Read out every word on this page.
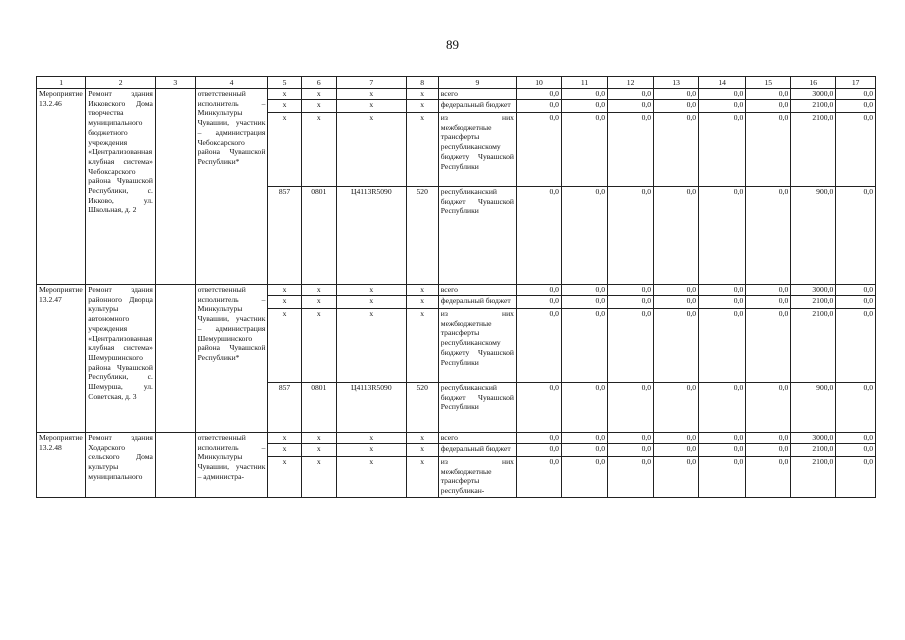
89
1	2	3	4	5	6	7	8	9	10	11	12	13	14	15	16	17
Мероприятие 13.2.46	Ремонт здания Икковского Дома творчества муниципального бюджетного учреждения «Централизованная клубная система» Чебоксарского района Чувашской Республики, с. Икково, ул. Школьная, д. 2		ответственный исполнитель – Минкультуры Чувашии, участник – администрация Чебоксарского района Чувашской Республики*	x	x	x	x	всего	0,0	0,0	0,0	0,0	0,0	0,0	3000,0	0,0
				x	x	x	x	федеральный бюджет	0,0	0,0	0,0	0,0	0,0	0,0	2100,0	0,0
				x	x	x	x	из них межбюджетные трансферты республиканскому бюджету Чувашской Республики	0,0	0,0	0,0	0,0	0,0	0,0	2100,0	0,0
				857	0801	Ц4113R5090	520	республиканский бюджет Чувашской Республики	0,0	0,0	0,0	0,0	0,0	0,0	900,0	0,0
Мероприятие 13.2.47	Ремонт здания районного Дворца культуры автономного учреждения «Централизованная клубная система» Шемуршинского района Чувашской Республики, с. Шемурша, ул. Советская, д. 3		ответственный исполнитель – Минкультуры Чувашии, участник – администрация Шемуршинского района Чувашской Республики*	x	x	x	x	всего	0,0	0,0	0,0	0,0	0,0	0,0	3000,0	0,0
				x	x	x	x	федеральный бюджет	0,0	0,0	0,0	0,0	0,0	0,0	2100,0	0,0
				x	x	x	x	из них межбюджетные трансферты республиканскому бюджету Чувашской Республики	0,0	0,0	0,0	0,0	0,0	0,0	2100,0	0,0
				857	0801	Ц4113R5090	520	республиканский бюджет Чувашской Республики	0,0	0,0	0,0	0,0	0,0	0,0	900,0	0,0
Мероприятие 13.2.48	Ремонт здания Ходарского сельского Дома культуры муниципального		ответственный исполнитель – Минкультуры Чувашии, участник – администра-	x	x	x	x	всего	0,0	0,0	0,0	0,0	0,0	0,0	3000,0	0,0
				x	x	x	x	федеральный бюджет	0,0	0,0	0,0	0,0	0,0	0,0	2100,0	0,0
				x	x	x	x	из них межбюджетные трансферты республикан-	0,0	0,0	0,0	0,0	0,0	0,0	2100,0	0,0
